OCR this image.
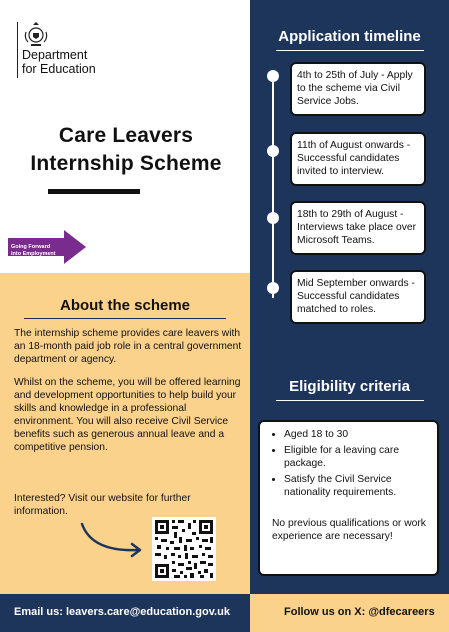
Department
for Education
Care Leavers
Internship Scheme
Going Forward
into Employment
About the scheme

The internship scheme provides care leavers with an 18-month paid job role in a central government department or agency.

Whilst on the scheme, you will be offered learning and development opportunities to help build your skills and knowledge in a professional environment. You will also receive Civil Service benefits such as generous annual leave and a competitive pension.

Interested? Visit our website for further information.

Application timeline
4th to 25th of July - Apply to the scheme via Civil Service Jobs.
11th of August onwards - Successful candidates invited to interview.
18th to 29th of August - Interviews take place over Microsoft Teams.
Mid September onwards - Successful candidates matched to roles.
Eligibility criteria
• Aged 18 to 30
• Eligible for a leaving care package.
• Satisfy the Civil Service nationality requirements.
No previous qualifications or work experience are necessary!
Email us: leavers.care@education.gov.uk	Follow us on X: @dfecareers
